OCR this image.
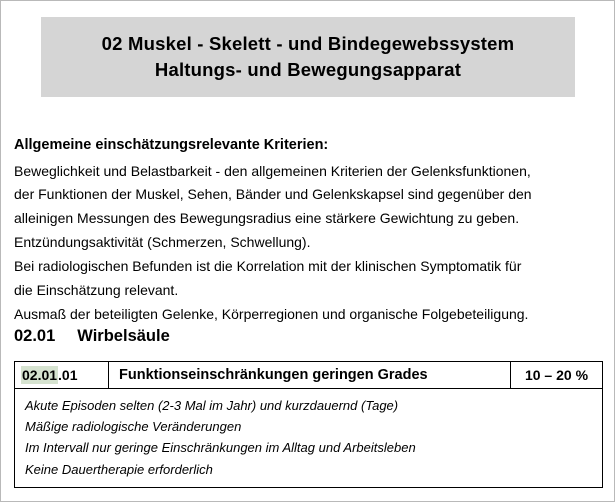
02 Muskel - Skelett - und Bindegewebssystem
Haltungs- und Bewegungsapparat

Allgemeine einschätzungsrelevante Kriterien:

Beweglichkeit und Belastbarkeit - den allgemeinen Kriterien der Gelenksfunktionen,

der Funktionen der Muskel, Sehen, Bänder und Gelenkskapsel sind gegenüber den

alleinigen Messungen des Bewegungsradius eine stärkere Gewichtung zu geben.

Entzündungsaktivität (Schmerzen, Schwellung).

Bei radiologischen Befunden ist die Korrelation mit der klinischen Symptomatik für

die Einschätzung relevant.

Ausmaß der beteiligten Gelenke, Körperregionen und organische Folgebeteiligung.

02.01 Wirbelsäule
02.01.01	Funktionseinschränkungen geringen Grades	10 – 20 %

Akute Episoden selten (2-3 Mal im Jahr) und kurzdauernd (Tage)
Mäßige radiologische Veränderungen
Im Intervall nur geringe Einschränkungen im Alltag und Arbeitsleben
Keine Dauertherapie erforderlich
